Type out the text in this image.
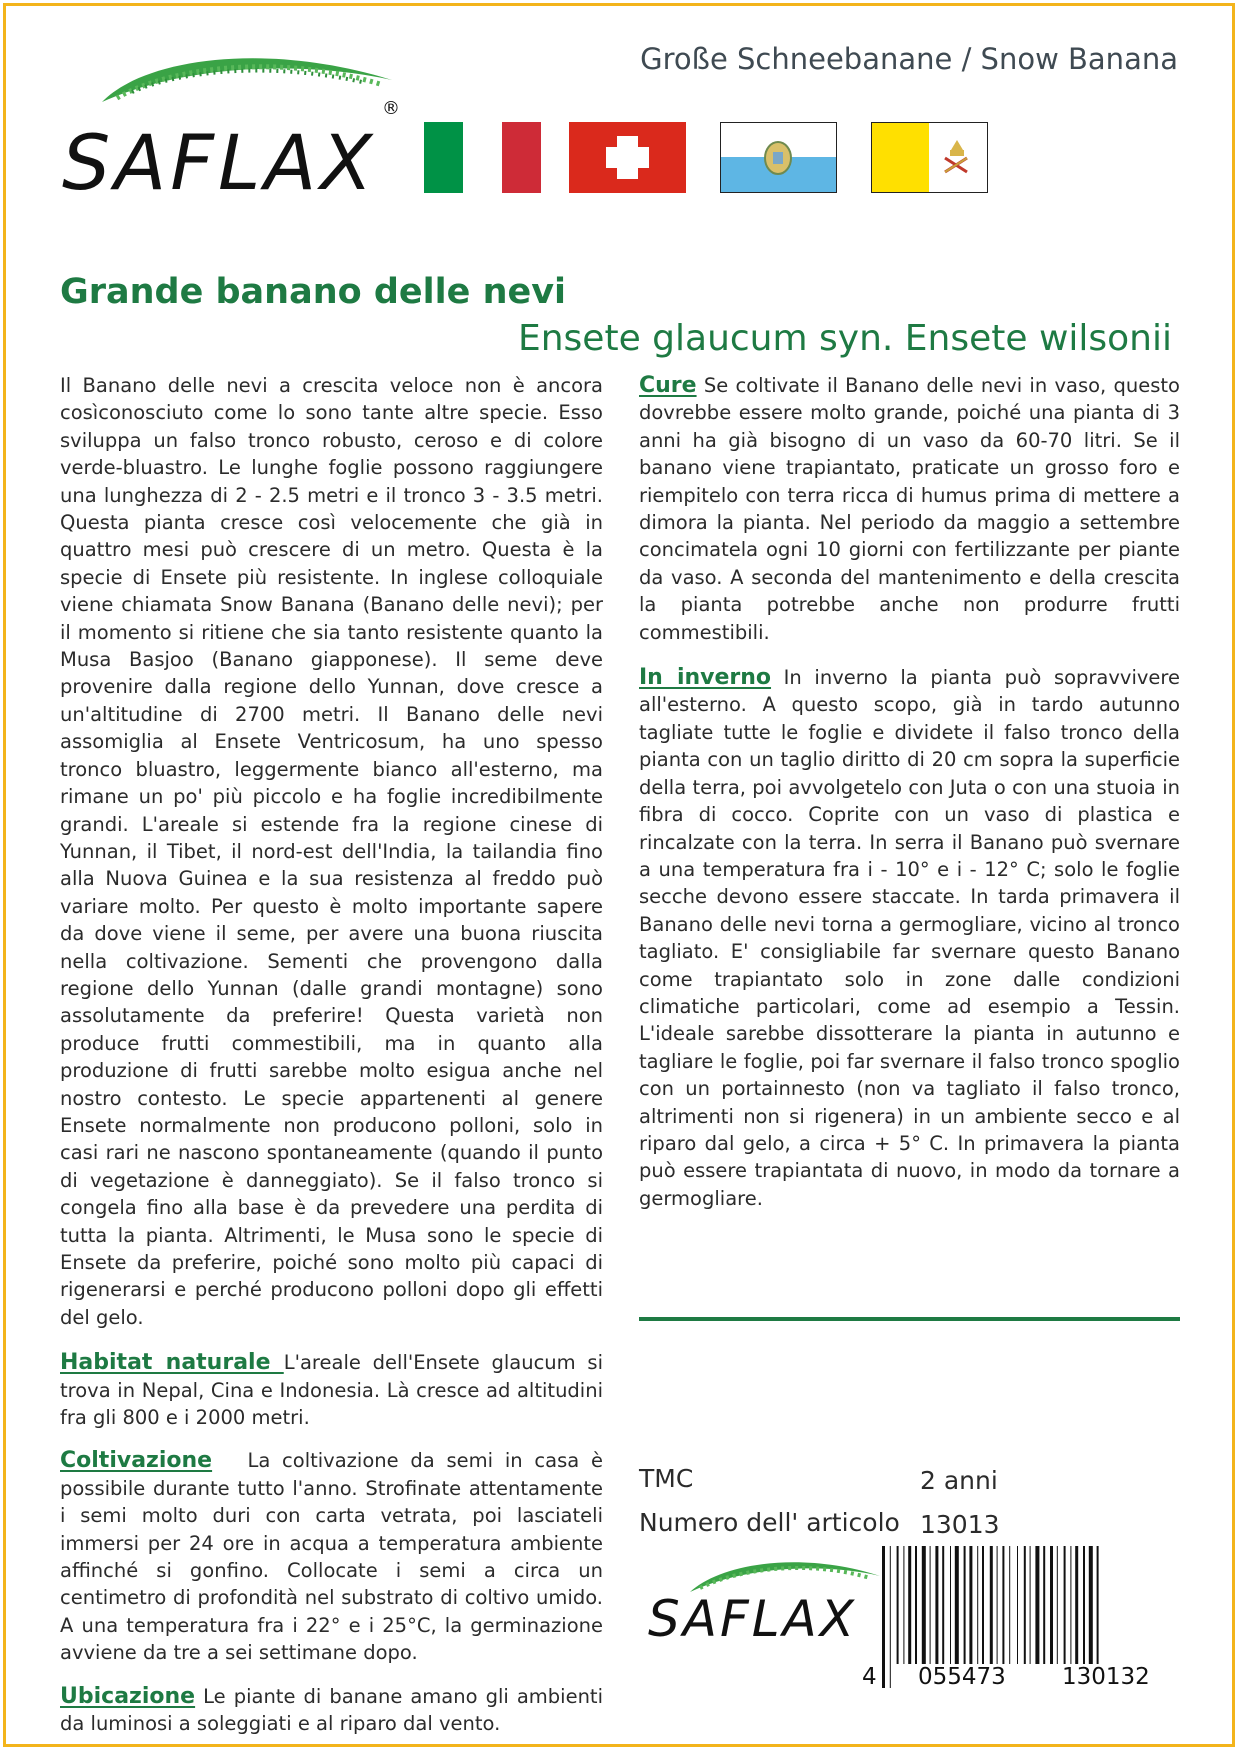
Große Schneebanane / Snow Banana
SAFLAX
®
Grande banano delle nevi
Ensete glaucum syn. Ensete wilsonii

Il Banano delle nevi a crescita veloce non è ancora cosìconosciuto come lo sono tante altre specie. Esso sviluppa un falso tronco robusto, ceroso e di colore verde-bluastro. Le lunghe foglie possono raggiungere una lunghezza di 2 - 2.5 metri e il tronco 3 - 3.5 metri. Questa pianta cresce così velocemente che già in quattro mesi può crescere di un metro. Questa è la specie di Ensete più resistente. In inglese colloquiale viene chiamata Snow Banana (Banano delle nevi); per il momento si ritiene che sia tanto resistente quanto la Musa Basjoo (Banano giapponese). Il seme deve provenire dalla regione dello Yunnan, dove cresce a un'altitudine di 2700 metri. Il Banano delle nevi assomiglia al Ensete Ventricosum, ha uno spesso tronco bluastro, leggermente bianco all'esterno, ma rimane un po' più piccolo e ha foglie incredibilmente grandi. L'areale si estende fra la regione cinese di Yunnan, il Tibet, il nord-est dell'India, la tailandia fino alla Nuova Guinea e la sua resistenza al freddo può variare molto. Per questo è molto importante sapere da dove viene il seme, per avere una buona riuscita nella coltivazione. Sementi che provengono dalla regione dello Yunnan (dalle grandi montagne) sono assolutamente da preferire! Questa varietà non produce frutti commestibili, ma in quanto alla produzione di frutti sarebbe molto esigua anche nel nostro contesto. Le specie appartenenti al genere Ensete normalmente non producono polloni, solo in casi rari ne nascono spontaneamente (quando il punto di vegetazione è danneggiato). Se il falso tronco si congela fino alla base è da prevedere una perdita di tutta la pianta. Altrimenti, le Musa sono le specie di Ensete da preferire, poiché sono molto più capaci di rigenerarsi e perché producono polloni dopo gli effetti del gelo.

Habitat naturale L'areale dell'Ensete glaucum si trova in Nepal, Cina e Indonesia. Là cresce ad altitudini fra gli 800 e i 2000 metri.

Coltivazione La coltivazione da semi in casa è possibile durante tutto l'anno. Strofinate attentamente i semi molto duri con carta vetrata, poi lasciateli immersi per 24 ore in acqua a temperatura ambiente affinché si gonfino. Collocate i semi a circa un centimetro di profondità nel substrato di coltivo umido. A una temperatura fra i 22° e i 25°C, la germinazione avviene da tre a sei settimane dopo.

Ubicazione Le piante di banane amano gli ambienti da luminosi a soleggiati e al riparo dal vento.

Cure Se coltivate il Banano delle nevi in vaso, questo dovrebbe essere molto grande, poiché una pianta di 3 anni ha già bisogno di un vaso da 60-70 litri. Se il banano viene trapiantato, praticate un grosso foro e riempitelo con terra ricca di humus prima di mettere a dimora la pianta. Nel periodo da maggio a settembre concimatela ogni 10 giorni con fertilizzante per piante da vaso. A seconda del mantenimento e della crescita la pianta potrebbe anche non produrre frutti commestibili.

In inverno In inverno la pianta può sopravvivere all'esterno. A questo scopo, già in tardo autunno tagliate tutte le foglie e dividete il falso tronco della pianta con un taglio diritto di 20 cm sopra la superficie della terra, poi avvolgetelo con Juta o con una stuoia in fibra di cocco. Coprite con un vaso di plastica e rincalzate con la terra. In serra il Banano può svernare a una temperatura fra i - 10° e i - 12° C; solo le foglie secche devono essere staccate. In tarda primavera il Banano delle nevi torna a germogliare, vicino al tronco tagliato. E' consigliabile far svernare questo Banano come trapiantato solo in zone dalle condizioni climatiche particolari, come ad esempio a Tessin. L'ideale sarebbe dissotterare la pianta in autunno e tagliare le foglie, poi far svernare il falso tronco spoglio con un portainnesto (non va tagliato il falso tronco, altrimenti non si rigenera) in un ambiente secco e al riparo dal gelo, a circa + 5° C. In primavera la pianta può essere trapiantata di nuovo, in modo da tornare a germogliare.

TMC	2 anni
Numero dell' articolo 13013
SAFLAX
4 055473 130132
